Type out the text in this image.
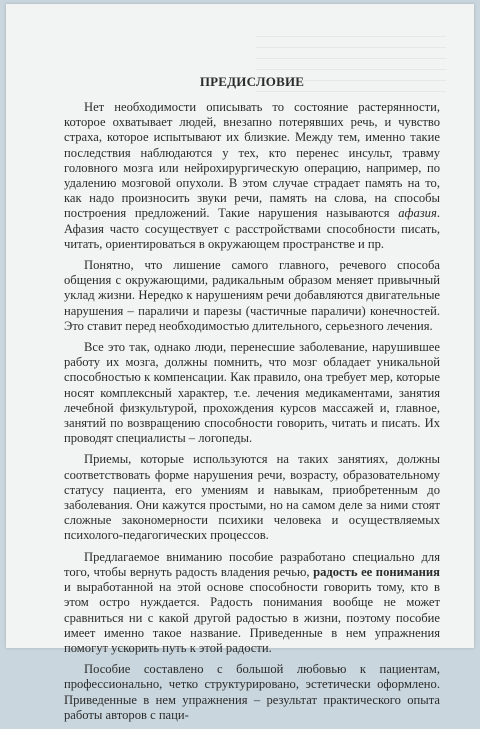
ПРЕДИСЛОВИЕ

Нет необходимости описывать то состояние растерянности, которое охватывает людей, внезапно потерявших речь, и чувство страха, которое испытывают их близкие. Между тем, именно такие последствия наблюдаются у тех, кто перенес инсульт, травму головного мозга или нейрохирургическую операцию, например, по удалению мозговой опухоли. В этом случае страдает память на то, как надо произносить звуки речи, память на слова, на способы построения предложений. Такие нарушения называются афазия. Афазия часто сосуществует с расстройствами способности писать, читать, ориентироваться в окружающем пространстве и пр.

Понятно, что лишение самого главного, речевого способа общения с окружающими, радикальным образом меняет привычный уклад жизни. Нередко к нарушениям речи добавляются двигательные нарушения – параличи и парезы (частичные параличи) конечностей. Это ставит перед необходимостью длительного, серьезного лечения.

Все это так, однако люди, перенесшие заболевание, нарушившее работу их мозга, должны помнить, что мозг обладает уникальной способностью к компенсации. Как правило, она требует мер, которые носят комплексный характер, т.е. лечения медикаментами, занятия лечебной физкультурой, прохождения курсов массажей и, главное, занятий по возвращению способности говорить, читать и писать. Их проводят специалисты – логопеды.

Приемы, которые используются на таких занятиях, должны соответствовать форме нарушения речи, возрасту, образовательному статусу пациента, его умениям и навыкам, приобретенным до заболевания. Они кажутся простыми, но на самом деле за ними стоят сложные закономерности психики человека и осуществляемых психолого-педагогических процессов.

Предлагаемое вниманию пособие разработано специально для того, чтобы вернуть радость владения речью, радость ее понимания и выработанной на этой основе способности говорить тому, кто в этом остро нуждается. Радость понимания вообще не может сравниться ни с какой другой радостью в жизни, поэтому пособие имеет именно такое название. Приведенные в нем упражнения помогут ускорить путь к этой радости.

Пособие составлено с большой любовью к пациентам, профессионально, четко структурировано, эстетически оформлено. Приведенные в нем упражнения – результат практического опыта работы авторов с паци-
